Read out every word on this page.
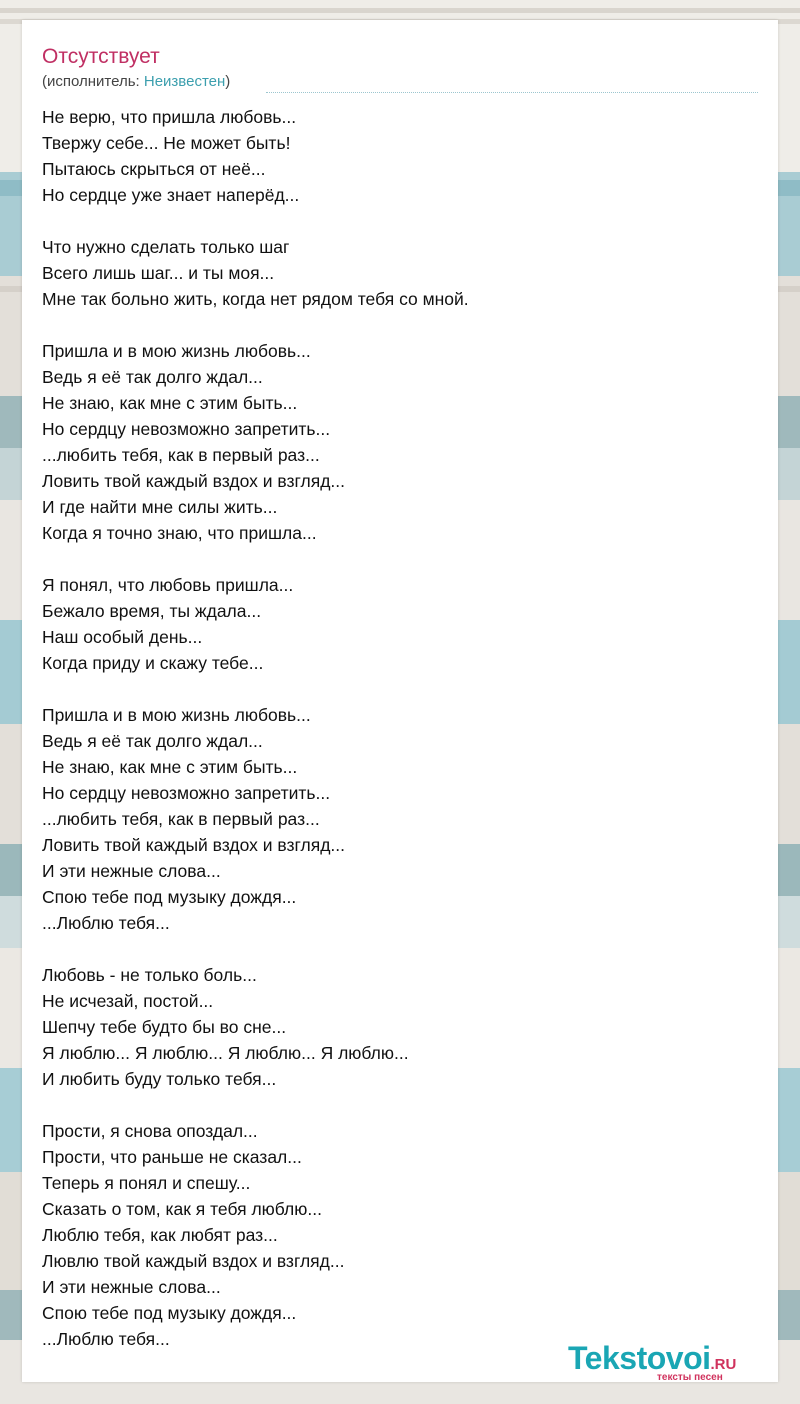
Отсутствует
(исполнитель: Неизвестен)
Не верю, что пришла любовь...
Твержу себе... Не может быть!
Пытаюсь скрыться от неё...
Но сердце уже знает наперёд...
Что нужно сделать только шаг
Всего лишь шаг... и ты моя...
Мне так больно жить, когда нет рядом тебя со мной.
Пришла и в мою жизнь любовь...
Ведь я её так долго ждал...
Не знаю, как мне с этим быть...
Но сердцу невозможно запретить...
...любить тебя, как в первый раз...
Ловить твой каждый вздох и взгляд...
И где найти мне силы жить...
Когда я точно знаю, что пришла...
Я понял, что любовь пришла...
Бежало время, ты ждала...
Наш особый день...
Когда приду и скажу тебе...
Пришла и в мою жизнь любовь...
Ведь я её так долго ждал...
Не знаю, как мне с этим быть...
Но сердцу невозможно запретить...
...любить тебя, как в первый раз...
Ловить твой каждый вздох и взгляд...
И эти нежные слова...
Спою тебе под музыку дождя...
...Люблю тебя...
Любовь - не только боль...
Не исчезай, постой...
Шепчу тебе будто бы во сне...
Я люблю... Я люблю... Я люблю... Я люблю...
И любить буду только тебя...
Прости, я снова опоздал...
Прости, что раньше не сказал...
Теперь я понял и спешу...
Сказать о том, как я тебя люблю...
Люблю тебя, как любят раз...
Лювлю твой каждый вздох и взгляд...
И эти нежные слова...
Спою тебе под музыку дождя...
...Люблю тебя...
Tekstovoi.RU
тексты песен
